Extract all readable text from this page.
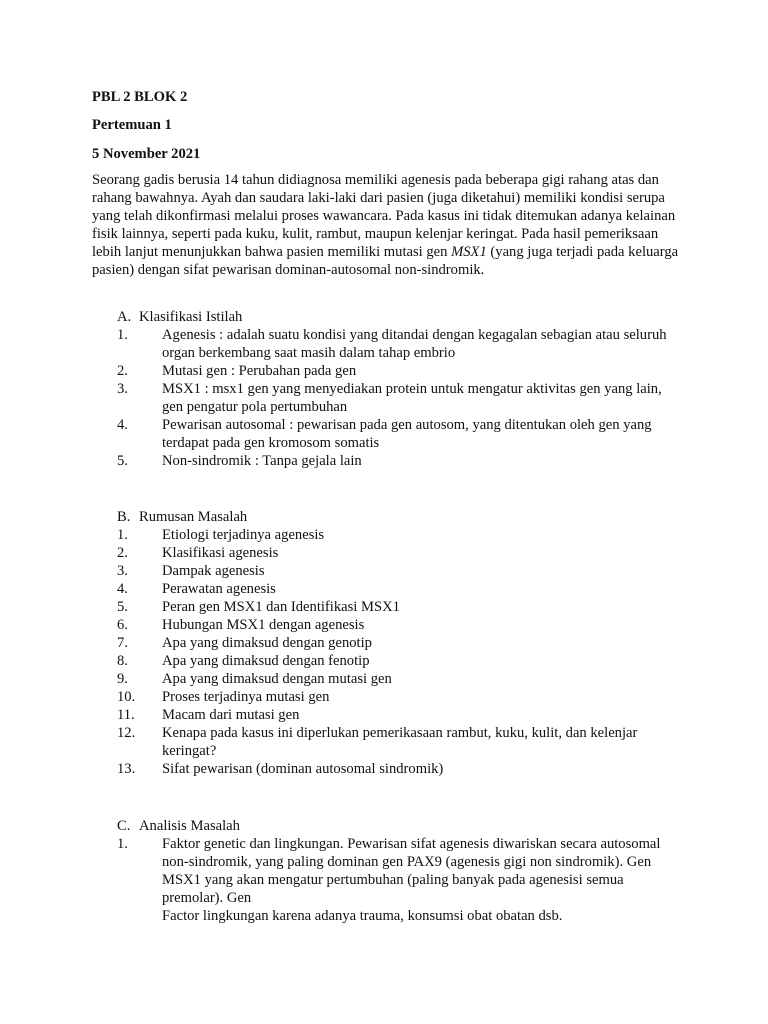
PBL 2 BLOK 2
Pertemuan 1
5 November 2021
Seorang gadis berusia 14 tahun didiagnosa memiliki agenesis pada beberapa gigi rahang atas dan rahang bawahnya. Ayah dan saudara laki-laki dari pasien (juga diketahui) memiliki kondisi serupa yang telah dikonfirmasi melalui proses wawancara. Pada kasus ini tidak ditemukan adanya kelainan fisik lainnya, seperti pada kuku, kulit, rambut, maupun kelenjar keringat. Pada hasil pemeriksaan lebih lanjut menunjukkan bahwa pasien memiliki mutasi gen MSX1 (yang juga terjadi pada keluarga pasien) dengan sifat pewarisan dominan-autosomal non-sindromik.
A. Klasifikasi Istilah
1.	Agenesis : adalah suatu kondisi yang ditandai dengan kegagalan sebagian atau seluruh organ berkembang saat masih dalam tahap embrio
2.	Mutasi gen : Perubahan pada gen
3.	MSX1 : msx1 gen yang menyediakan protein untuk mengatur aktivitas gen yang lain, gen pengatur pola pertumbuhan
4.	Pewarisan autosomal : pewarisan pada gen autosom, yang ditentukan oleh gen yang terdapat pada gen kromosom somatis
5.	Non-sindromik : Tanpa gejala lain
B. Rumusan Masalah
1.	Etiologi terjadinya agenesis
2.	Klasifikasi agenesis
3.	Dampak agenesis
4.	Perawatan agenesis
5.	Peran gen MSX1 dan Identifikasi MSX1
6.	Hubungan MSX1 dengan agenesis
7.	Apa yang dimaksud dengan genotip
8.	Apa yang dimaksud dengan fenotip
9.	Apa yang dimaksud dengan mutasi gen
10.	Proses terjadinya mutasi gen
11.	Macam dari mutasi gen
12.	Kenapa pada kasus ini diperlukan pemerikasaan rambut, kuku, kulit, dan kelenjar keringat?
13.	Sifat pewarisan (dominan autosomal sindromik)
C. Analisis Masalah
1.	Faktor genetic dan lingkungan. Pewarisan sifat agenesis diwariskan secara autosomal non-sindromik, yang paling dominan gen PAX9 (agenesis gigi non sindromik). Gen MSX1 yang akan mengatur pertumbuhan (paling banyak pada agenesisi semua premolar). Gen
Factor lingkungan karena adanya trauma, konsumsi obat obatan dsb.
